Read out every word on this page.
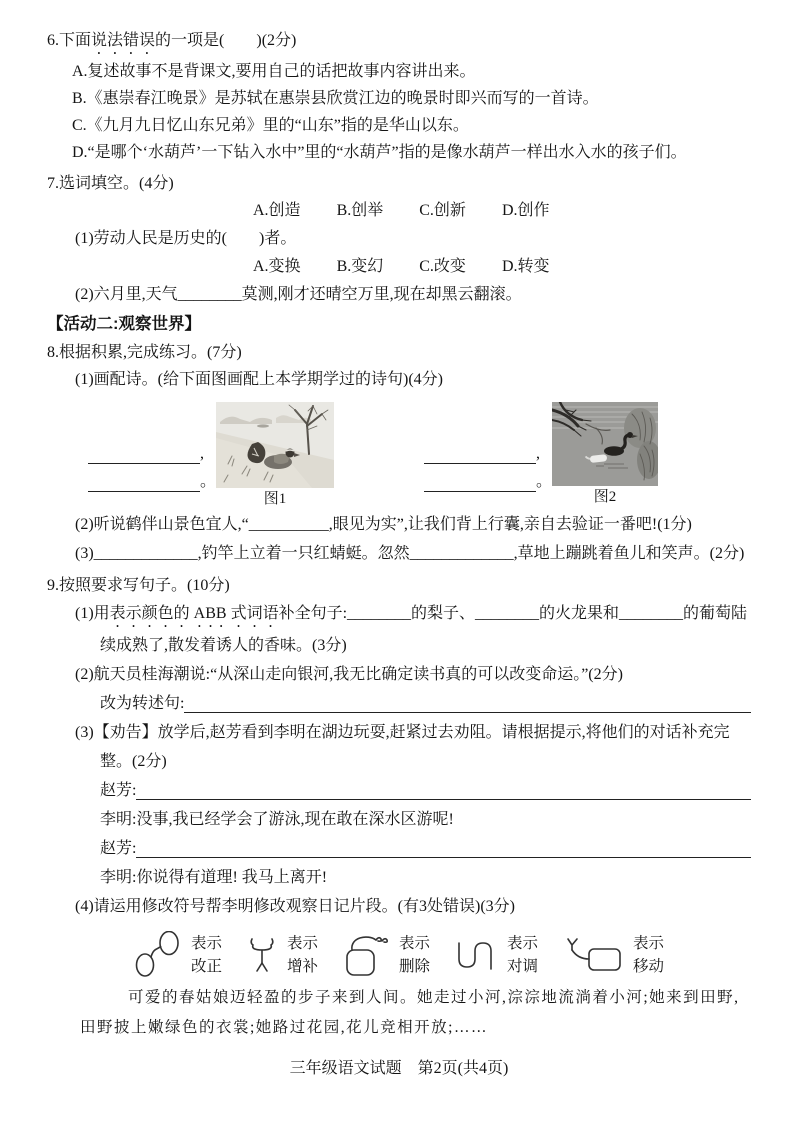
6.下面说法错误的一项是(　　)(2分)
A.复述故事不是背课文,要用自己的话把故事内容讲出来。
B.《惠崇春江晚景》是苏轼在惠崇县欣赏江边的晚景时即兴而写的一首诗。
C.《九月九日忆山东兄弟》里的“山东”指的是华山以东。
D.“是哪个‘水葫芦’一下钻入水中”里的“水葫芦”指的是像水葫芦一样出水入水的孩子们。
7.选词填空。(4分)
A.创造 B.创举 C.创新 D.创作
(1)劳动人民是历史的(　　)者。
A.变换 B.变幻 C.改变 D.转变
(2)六月里,天气________莫测,刚才还晴空万里,现在却黑云翻滚。
【活动二:观察世界】
8.根据积累,完成练习。(7分)
(1)画配诗。(给下面图画配上本学期学过的诗句)(4分)
,
。
图1
,
。
图2
(2)听说鹤伴山景色宜人,“__________,眼见为实”,让我们背上行囊,亲自去验证一番吧!(1分)
(3)_____________,钓竿上立着一只红蜻蜓。忽然_____________,草地上蹦跳着鱼儿和笑声。(2分)
9.按照要求写句子。(10分)
(1)用表示颜色的 ABB 式词语补全句子:________的梨子、________的火龙果和________的葡萄陆续成熟了,散发着诱人的香味。(3分)
(2)航天员桂海潮说:“从深山走向银河,我无比确定读书真的可以改变命运。”(2分)
改为转述句:
(3)【劝告】放学后,赵芳看到李明在湖边玩耍,赶紧过去劝阻。请根据提示,将他们的对话补充完整。(2分)
赵芳:
李明: 没事,我已经学会了游泳,现在敢在深水区游呢!
赵芳:
李明: 你说得有道理! 我马上离开!
(4)请运用修改符号帮李明修改观察日记片段。(有3处错误)(3分)
表示
改正
表示
增补
表示
删除
表示
对调
表示
移动
可爱的春姑娘迈轻盈的步子来到人间。她走过小河,淙淙地流淌着小河;她来到田野,田野披上嫩绿色的衣裳;她路过花园,花儿竞相开放;……
三年级语文试题　第2页(共4页)
